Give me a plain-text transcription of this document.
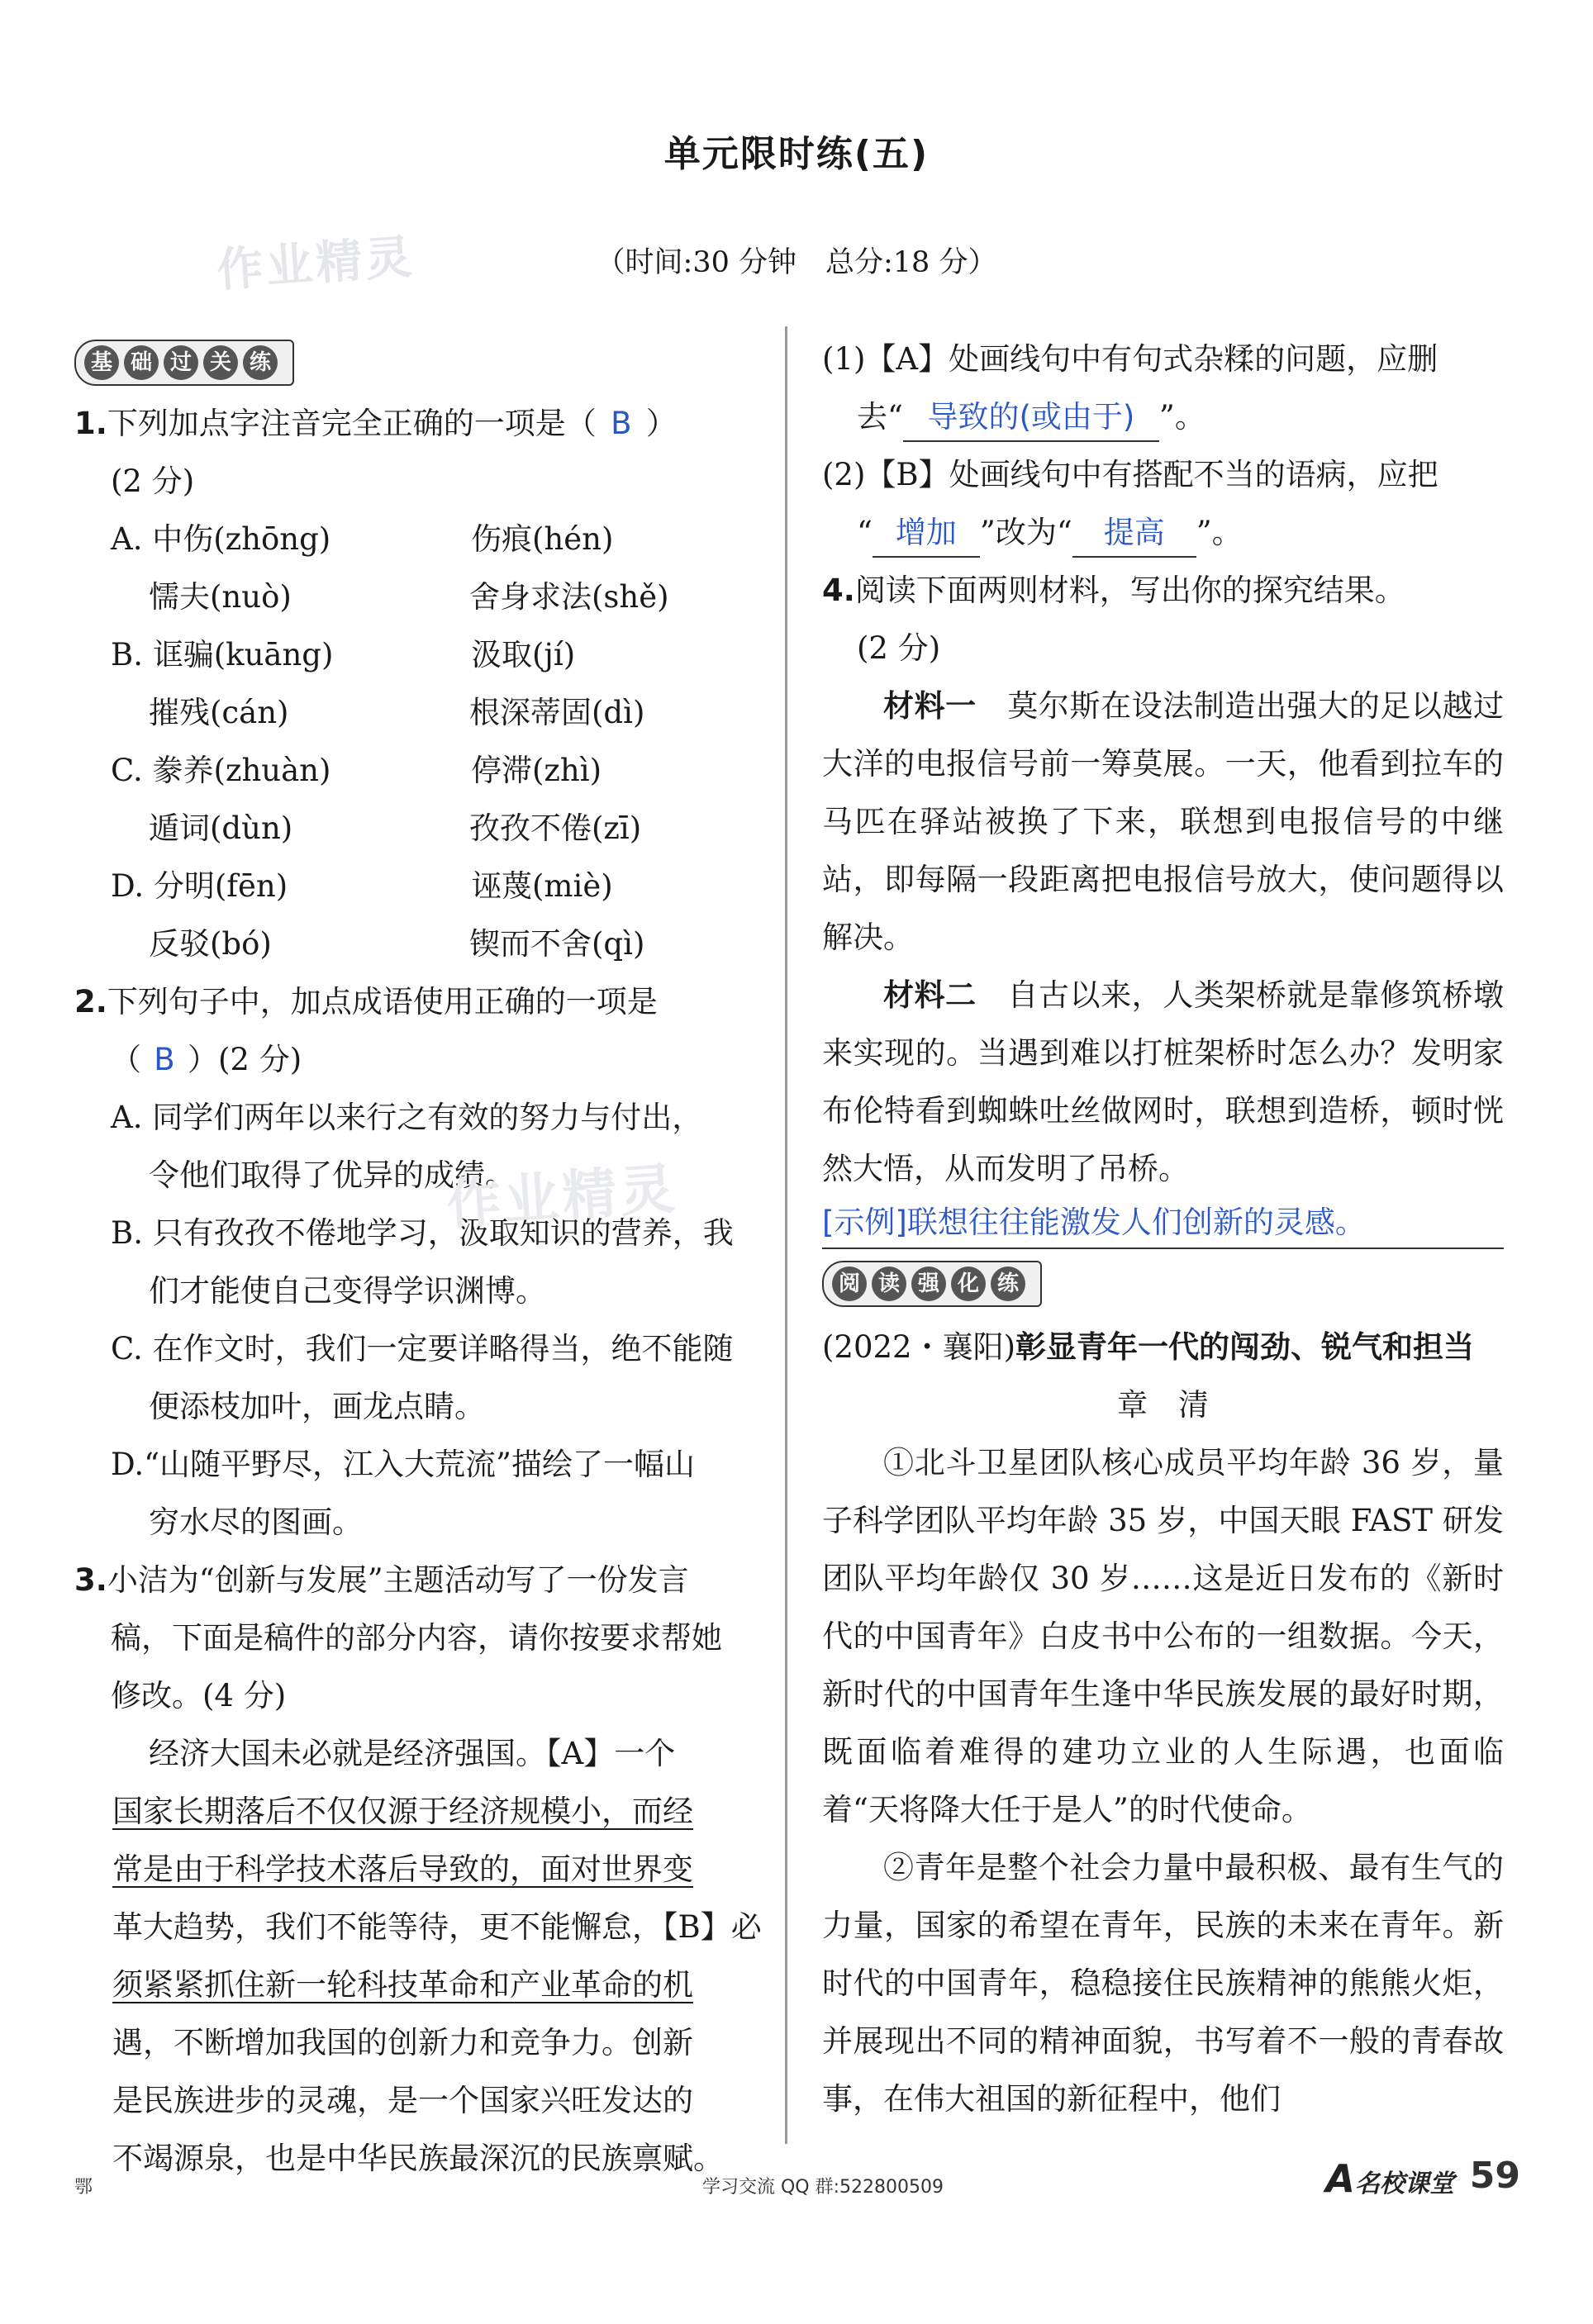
单元限时练(五)
作业精灵	（时间:30 分钟　总分:18 分）
基 础 过 关 练
1.下列加点字注音完全正确的一项是（ B ）
(2 分)
A. 中伤(zhōng)	伤痕(hén)
懦夫(nuò)	舍身求法(shě)
B. 诓骗(kuāng)	汲取(jí)
摧残(cán)	根深蒂固(dì)
C. 豢养(zhuàn)	停滞(zhì)
遁词(dùn)	孜孜不倦(zī)
D. 分明(fēn)	诬蔑(miè)
反驳(bó)	锲而不舍(qì)
2.下列句子中，加点成语使用正确的一项是
（ B ）(2 分)
A. 同学们两年以来行之有效的努力与付出，
令他们取得了优异的成绩。
B. 只有孜孜不倦地学习，汲取知识的营养，我
们才能使自己变得学识渊博。
C. 在作文时，我们一定要详略得当，绝不能随
便添枝加叶，画龙点睛。
D.“山随平野尽，江入大荒流”描绘了一幅山
穷水尽的图画。
3.小洁为“创新与发展”主题活动写了一份发言
稿，下面是稿件的部分内容，请你按要求帮她
修改。(4 分)
经济大国未必就是经济强国。【A】一个
国家长期落后不仅仅源于经济规模小，而经
常是由于科学技术落后导致的，面对世界变
革大趋势，我们不能等待，更不能懈怠，【B】必
须紧紧抓住新一轮科技革命和产业革命的机
遇，不断增加我国的创新力和竞争力。创新
是民族进步的灵魂，是一个国家兴旺发达的
不竭源泉，也是中华民族最深沉的民族禀赋。
作业精灵
(1)【A】处画线句中有句式杂糅的问题，应删
去“ 导致的(或由于) ”。
(2)【B】处画线句中有搭配不当的语病，应把
“ 增加 ”改为“ 提高 ”。
4.阅读下面两则材料，写出你的探究结果。
(2 分)
材料一　 莫尔斯在设法制造出强大的足以越过大洋的电报信号前一筹莫展。一天，他看到拉车的马匹在驿站被换了下来，联想到电报信号的中继站，即每隔一段距离把电报信号放大，使问题得以解决。
材料二　 自古以来，人类架桥就是靠修筑桥墩来实现的。当遇到难以打桩架桥时怎么办？发明家布伦特看到蜘蛛吐丝做网时，联想到造桥，顿时恍然大悟，从而发明了吊桥。
[示例]联想往往能激发人们创新的灵感。
阅 读 强 化 练
(2022・襄阳)彰显青年一代的闯劲、锐气和担当
章　清
①北斗卫星团队核心成员平均年龄 36 岁，量子科学团队平均年龄 35 岁，中国天眼 FAST 研发团队平均年龄仅 30 岁……这是近日发布的《新时代的中国青年》白皮书中公布的一组数据。今天，新时代的中国青年生逢中华民族发展的最好时期，既面临着难得的建功立业的人生际遇，也面临着“天将降大任于是人”的时代使命。
②青年是整个社会力量中最积极、最有生气的力量，国家的希望在青年，民族的未来在青年。新时代的中国青年，稳稳接住民族精神的熊熊火炬，并展现出不同的精神面貌，书写着不一般的青春故事，在伟大祖国的新征程中，他们
鄂	学习交流 QQ 群:522800509	A名校课堂 59
